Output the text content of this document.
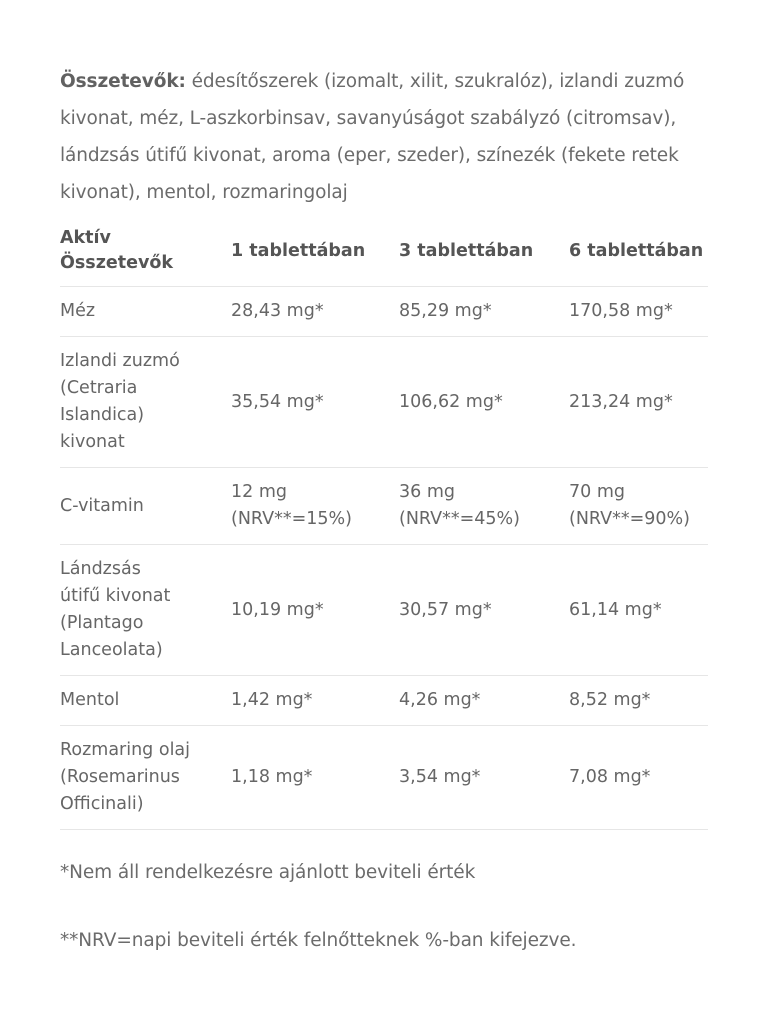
Összetevők: édesítőszerek (izomalt, xilit, szukralóz), izlandi zuzmó kivonat, méz, L-aszkorbinsav, savanyúságot szabályzó (citromsav), lándzsás útifű kivonat, aroma (eper, szeder), színezék (fekete retek kivonat), mentol, rozmaringolaj

Aktív Összetevők	1 tablettában	3 tablettában	6 tablettában
Méz	28,43 mg*	85,29 mg*	170,58 mg*
Izlandi zuzmó (Cetraria Islandica) kivonat	35,54 mg*	106,62 mg*	213,24 mg*
C-vitamin	12 mg (NRV**=15%)	36 mg (NRV**=45%)	70 mg (NRV**=90%)
Lándzsás útifű kivonat (Plantago Lanceolata)	10,19 mg*	30,57 mg*	61,14 mg*
Mentol	1,42 mg*	4,26 mg*	8,52 mg*
Rozmaring olaj (Rosemarinus Officinali)	1,18 mg*	3,54 mg*	7,08 mg*

*Nem áll rendelkezésre ajánlott beviteli érték

**NRV=napi beviteli érték felnőtteknek %-ban kifejezve.
